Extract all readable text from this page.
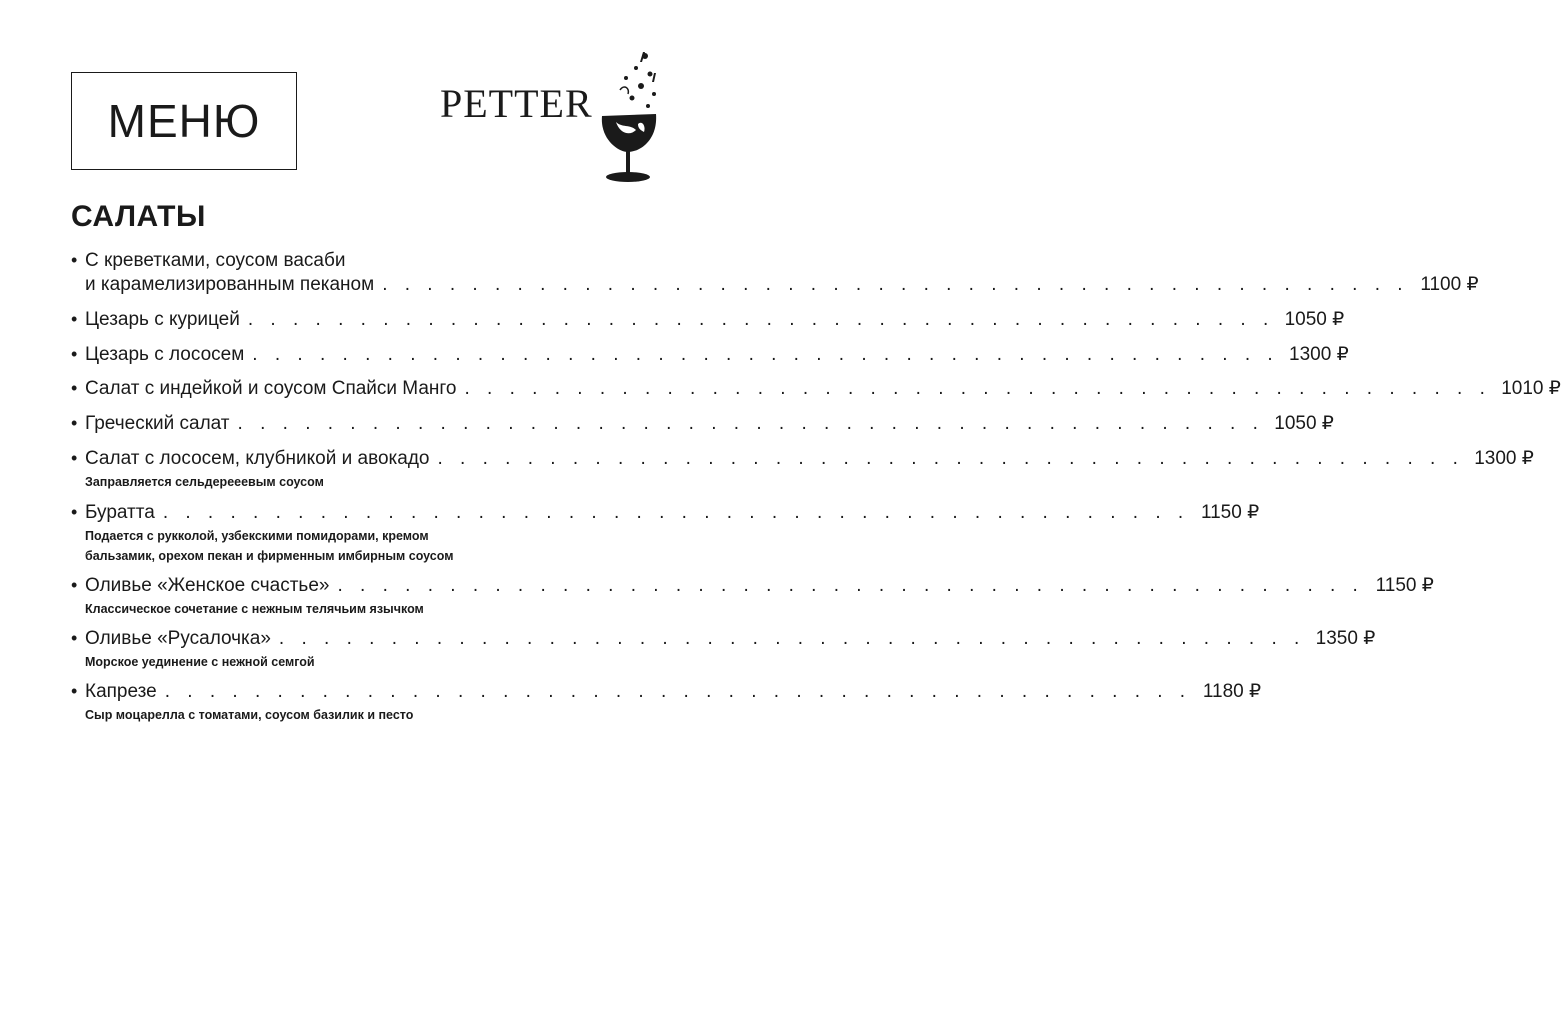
МЕНЮ	PETTER
САЛАТЫ
• С креветками, соусом васаби
и карамелизированным пеканом . . . . . . . . . . . . . . . . . . . . . . . . . . . . . . . . . . . . . . . . . . . . . . 1100 ₽
• Цезарь с курицей . . . . . . . . . . . . . . . . . . . . . . . . . . . . . . . . . . . . . . . . . . . . . . 1050 ₽
• Цезарь с лососем . . . . . . . . . . . . . . . . . . . . . . . . . . . . . . . . . . . . . . . . . . . . . . 1300 ₽
• Салат с индейкой и соусом Спайси Манго . . . . . . . . . . . . . . . . . . . . . . . . . . . . . . . . . . . . . . . . . . . . . . 1010 ₽
• Греческий салат . . . . . . . . . . . . . . . . . . . . . . . . . . . . . . . . . . . . . . . . . . . . . . 1050 ₽
• Салат с лососем, клубникой и авокадо . . . . . . . . . . . . . . . . . . . . . . . . . . . . . . . . . . . . . . . . . . . . . . 1300 ₽
Заправляется сельдерееевым соусом
• Буратта . . . . . . . . . . . . . . . . . . . . . . . . . . . . . . . . . . . . . . . . . . . . . . 1150 ₽
Подается с рукколой, узбекскими помидорами, кремом
бальзамик, орехом пекан и фирменным имбирным соусом
• Оливье «Женское счастье» . . . . . . . . . . . . . . . . . . . . . . . . . . . . . . . . . . . . . . . . . . . . . . 1150 ₽
Классическое сочетание с нежным телячьим язычком
• Оливье «Русалочка» . . . . . . . . . . . . . . . . . . . . . . . . . . . . . . . . . . . . . . . . . . . . . . 1350 ₽
Морское уединение с нежной семгой
• Капрезе . . . . . . . . . . . . . . . . . . . . . . . . . . . . . . . . . . . . . . . . . . . . . . 1180 ₽
Сыр моцарелла с томатами, соусом базилик и песто
